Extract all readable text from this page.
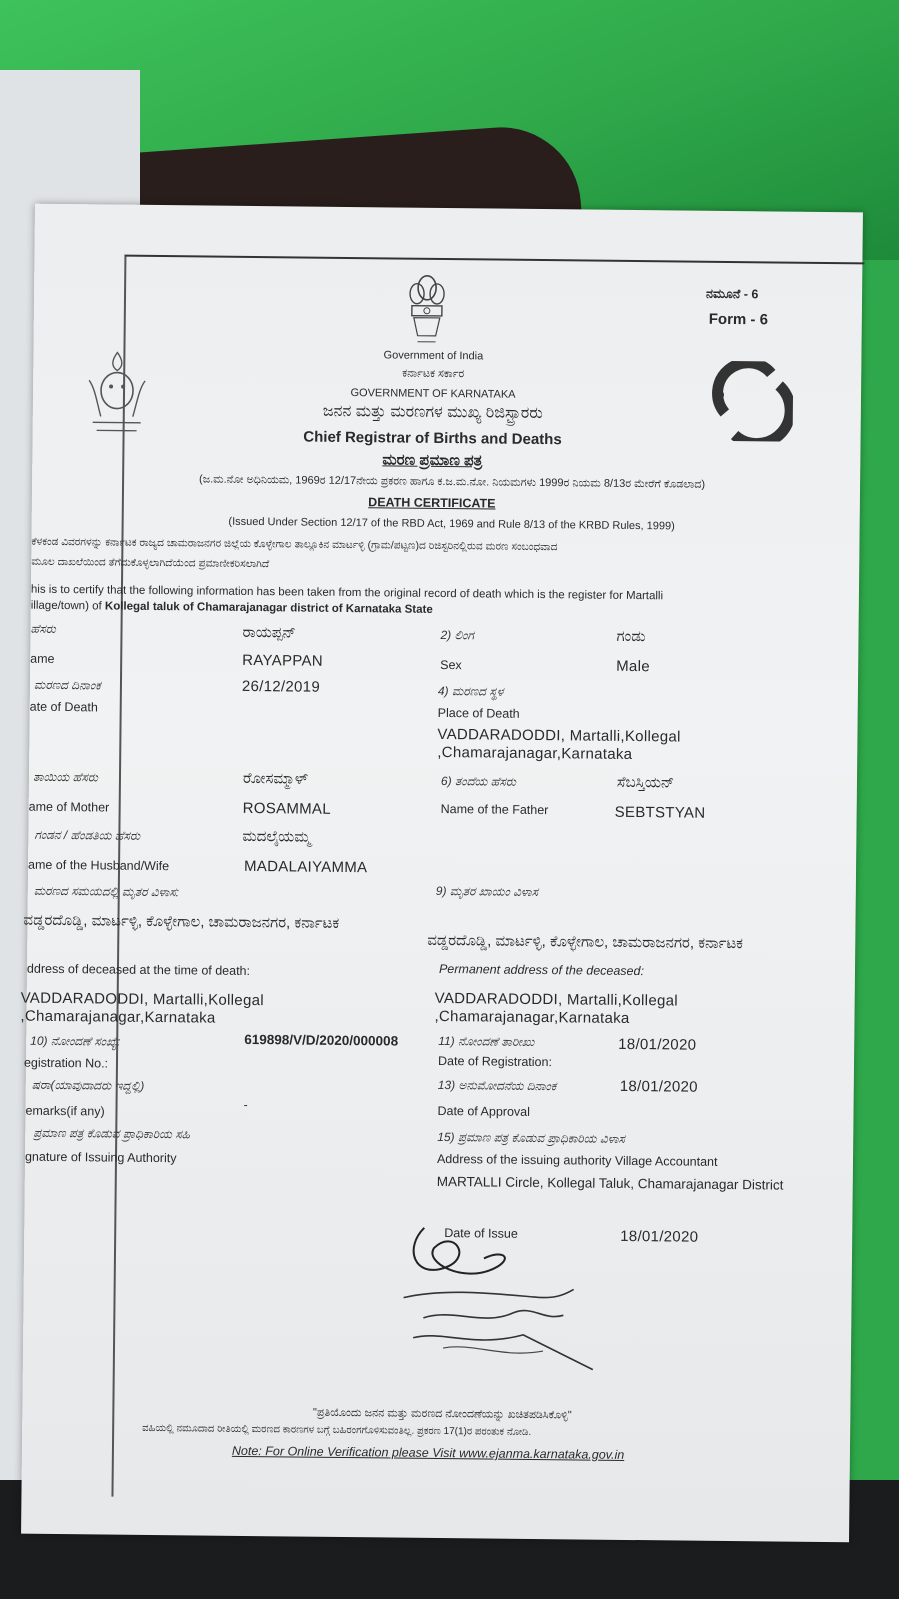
ನಮೂನೆ - 6
Form - 6
Government of India
ಕರ್ನಾಟಕ ಸರ್ಕಾರ
GOVERNMENT OF KARNATAKA
ಜನನ ಮತ್ತು ಮರಣಗಳ ಮುಖ್ಯ ರಿಜಿಸ್ಟ್ರಾರರು
Chief Registrar of Births and Deaths
ಮರಣ ಪ್ರಮಾಣ ಪತ್ರ
(ಜ.ಮ.ನೋ ಅಧಿನಿಯಮ, 1969ರ 12/17ನೇಯ ಪ್ರಕರಣ ಹಾಗೂ ಕ.ಜ.ಮ.ನೋ. ನಿಯಮಗಳು 1999ರ ನಿಯಮ 8/13ರ ಮೇರೆಗೆ ಕೊಡಲಾದ)
DEATH CERTIFICATE
(Issued Under Section 12/17 of the RBD Act, 1969 and Rule 8/13 of the KRBD Rules, 1999)
ಕೆಳಕಂಡ ವಿವರಗಳನ್ನು ಕರ್ನಾಟಕ ರಾಜ್ಯದ ಚಾಮರಾಜನಗರ ಜಿಲ್ಲೆಯ ಕೊಳ್ಳೇಗಾಲ ತಾಲ್ಲೂಕಿನ ಮಾರ್ಟಳ್ಳಿ (ಗ್ರಾಮ/ಪಟ್ಟಣ)ದ ರಿಜಿಸ್ಟರಿನಲ್ಲಿರುವ ಮರಣ ಸಂಬಂಧವಾದ
ಮೂಲ ದಾಖಲೆಯಿಂದ ತೆಗೆದುಕೊಳ್ಳಲಾಗಿದೆಯೆಂದ ಪ್ರಮಾಣೀಕರಿಸಲಾಗಿದೆ
his is to certify that the following information has been taken from the original record of death which is the register for Martalli
illage/town) of Kollegal taluk of Chamarajanagar district of Karnataka State
ಹೆಸರು	ರಾಯಪ್ಪನ್	2) ಲಿಂಗ	ಗಂಡು
ame	RAYAPPAN	Sex	Male
ಮರಣದ ದಿನಾಂಕ	26/12/2019	4) ಮರಣದ ಸ್ಥಳ
ate of Death	Place of Death
VADDARADODDI, Martalli,Kollegal
,Chamarajanagar,Karnataka
ತಾಯಿಯ ಹೆಸರು	ರೋಸಮ್ಮಾಳ್	6) ತಂದೆಯ ಹೆಸರು	ಸೆಬಸ್ತಿಯನ್
ame of Mother	ROSAMMAL	Name of the Father	SEBTSTYAN
ಗಂಡನ / ಹೆಂಡತಿಯ ಹೆಸರು	ಮದಲೈಯಮ್ಮ
ame of the Husband/Wife	MADALAIYAMMA
ಮರಣದ ಸಮಯದಲ್ಲಿ ಮೃತರ ವಿಳಾಸ:	9) ಮೃತರ ಖಾಯಂ ವಿಳಾಸ
ವಡ್ಡರದೊಡ್ಡಿ, ಮಾರ್ಟಳ್ಳಿ, ಕೊಳ್ಳೇಗಾಲ, ಚಾಮರಾಜನಗರ, ಕರ್ನಾಟಕ
ವಡ್ಡರದೊಡ್ಡಿ, ಮಾರ್ಟಳ್ಳಿ, ಕೊಳ್ಳೇಗಾಲ, ಚಾಮರಾಜನಗರ, ಕರ್ನಾಟಕ
ddress of deceased at the time of death:	Permanent address of the deceased:
VADDARADODDI, Martalli,Kollegal
,Chamarajanagar,Karnataka
VADDARADODDI, Martalli,Kollegal
,Chamarajanagar,Karnataka
10) ನೋಂದಣೆ ಸಂಖ್ಯೆ:	619898/V/D/2020/000008	11) ನೋಂದಣೆ ತಾರೀಖು	18/01/2020
egistration No.:	Date of Registration:
ಷರಾ(ಯಾವುದಾದರು ಇದ್ದಲ್ಲಿ)	13) ಅನುಮೋದನೆಯ ದಿನಾಂಕ	18/01/2020
emarks(if any)	-	Date of Approval
ಪ್ರಮಾಣ ಪತ್ರ ಕೊಡುವ ಪ್ರಾಧಿಕಾರಿಯ ಸಹಿ	15) ಪ್ರಮಾಣ ಪತ್ರ ಕೊಡುವ ಪ್ರಾಧಿಕಾರಿಯ ವಿಳಾಸ
gnature of Issuing Authority	Address of the issuing authority Village Accountant
MARTALLI Circle, Kollegal Taluk, Chamarajanagar District
Date of Issue	18/01/2020
"ಪ್ರತಿಯೊಂದು ಜನನ ಮತ್ತು ಮರಣದ ನೋಂದಣೆಯನ್ನು ಖಚಿತಪಡಿಸಿಕೊಳ್ಳಿ"
ವಹಿಯಲ್ಲಿ ನಮೂದಾದ ರೀತಿಯಲ್ಲಿ ಮರಣದ ಕಾರಣಗಳ ಬಗ್ಗೆ ಬಹಿರಂಗಗೊಳಿಸುವಂತಿಲ್ಲ. ಪ್ರಕರಣ 17(1)ರ ಪರಂತುಕ ನೋಡಿ.
Note: For Online Verification please Visit www.ejanma.karnataka.gov.in
